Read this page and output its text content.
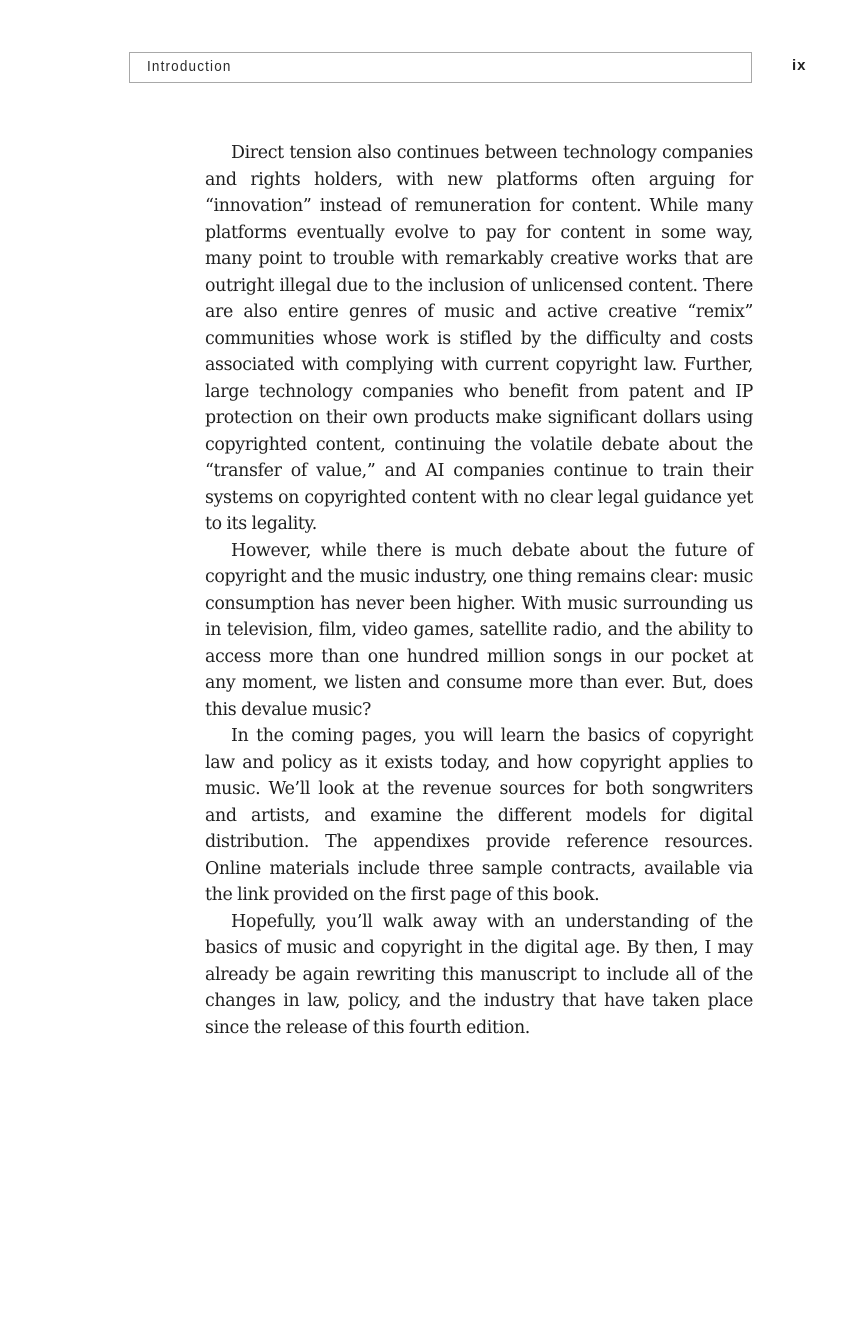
Introduction	ix

Direct tension also continues between technology companies and rights holders, with new platforms often arguing for “innovation” instead of remuneration for content. While many platforms eventually evolve to pay for content in some way, many point to trouble with remarkably creative works that are outright illegal due to the inclusion of unlicensed content. There are also entire genres of music and active creative “remix” communities whose work is stifled by the difficulty and costs associated with complying with current copyright law. Further, large technology companies who benefit from patent and IP protection on their own products make significant dollars using copyrighted content, continuing the volatile debate about the “transfer of value,” and AI companies continue to train their systems on copyrighted content with no clear legal guidance yet to its legality.

However, while there is much debate about the future of copyright and the music industry, one thing remains clear: music consumption has never been higher. With music surrounding us in television, film, video games, satellite radio, and the ability to access more than one hundred million songs in our pocket at any moment, we listen and consume more than ever. But, does this devalue music?

In the coming pages, you will learn the basics of copyright law and policy as it exists today, and how copyright applies to music. We’ll look at the revenue sources for both songwriters and artists, and examine the different models for digital distribution. The appendixes provide reference resources. Online materials include three sample contracts, available via the link provided on the first page of this book.

Hopefully, you’ll walk away with an understanding of the basics of music and copyright in the digital age. By then, I may already be again rewriting this manuscript to include all of the changes in law, policy, and the industry that have taken place since the release of this fourth edition.
